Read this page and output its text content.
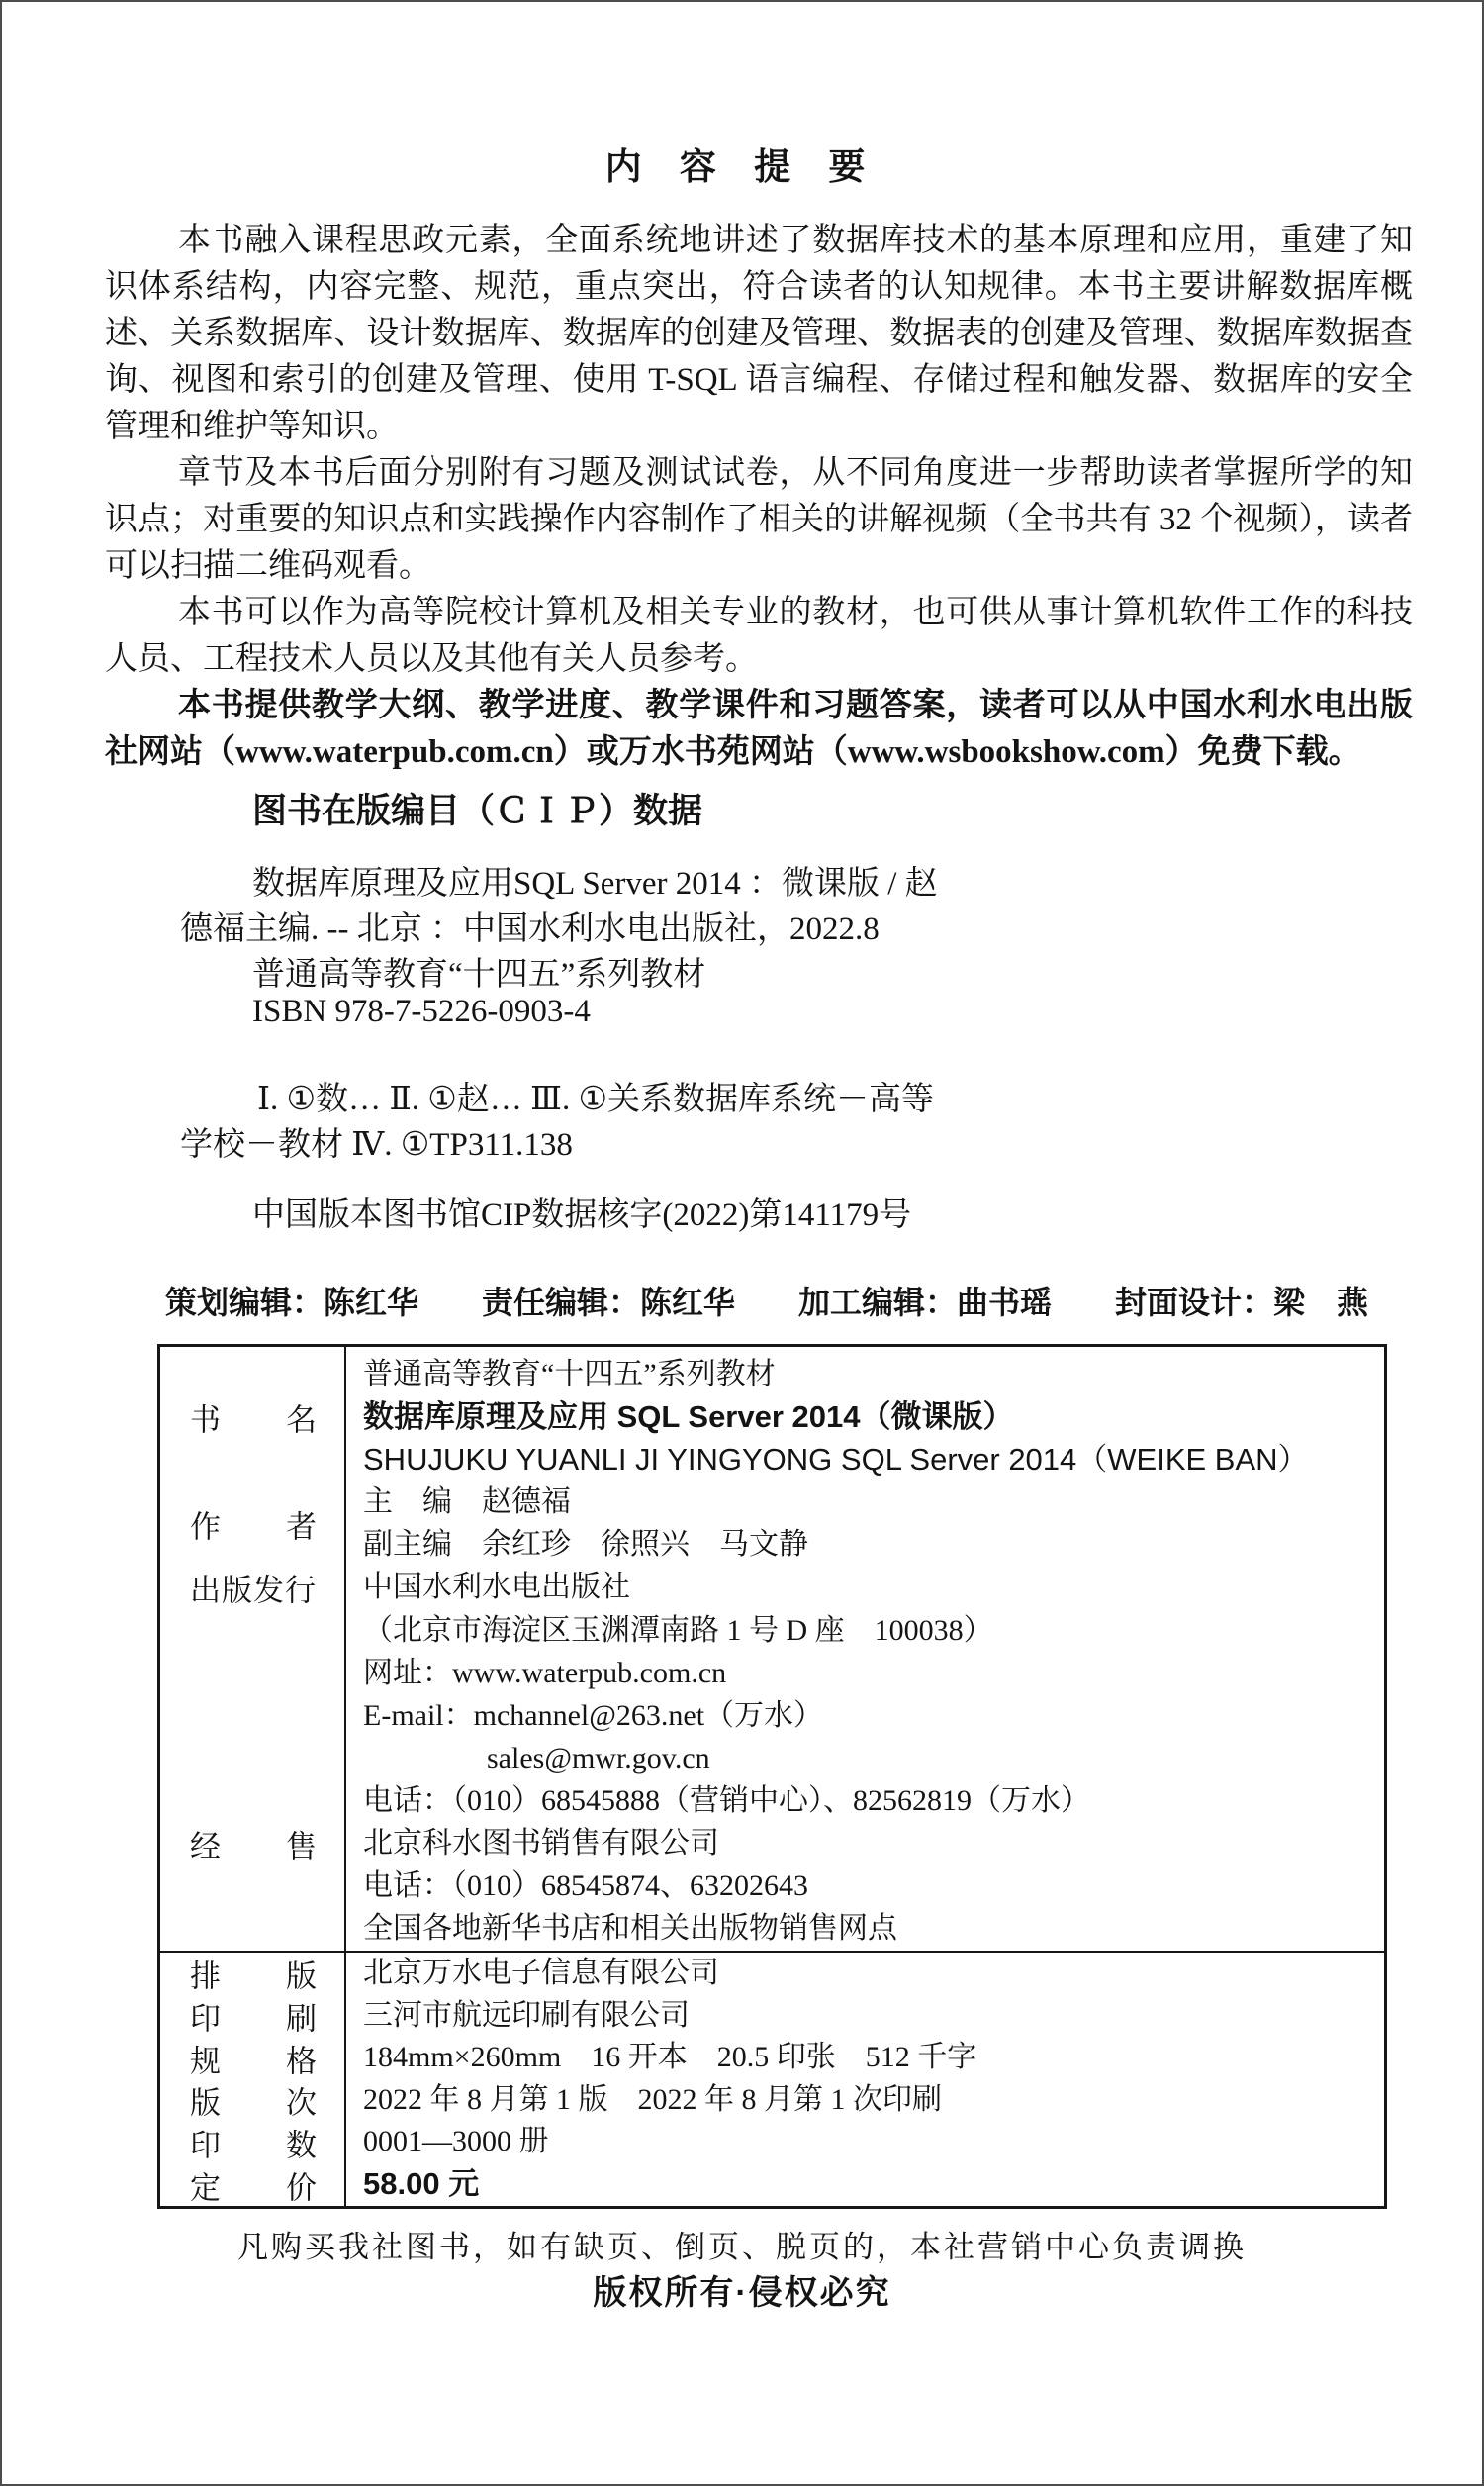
内 容 提 要

本书融入课程思政元素，全面系统地讲述了数据库技术的基本原理和应用，重建了知识体系结构，内容完整、规范，重点突出，符合读者的认知规律。本书主要讲解数据库概述、关系数据库、设计数据库、数据库的创建及管理、数据表的创建及管理、数据库数据查询、视图和索引的创建及管理、使用 T-SQL 语言编程、存储过程和触发器、数据库的安全管理和维护等知识。

章节及本书后面分别附有习题及测试试卷，从不同角度进一步帮助读者掌握所学的知识点；对重要的知识点和实践操作内容制作了相关的讲解视频（全书共有 32 个视频），读者可以扫描二维码观看。

本书可以作为高等院校计算机及相关专业的教材，也可供从事计算机软件工作的科技人员、工程技术人员以及其他有关人员参考。

本书提供教学大纲、教学进度、教学课件和习题答案，读者可以从中国水利水电出版社网站（www.waterpub.com.cn）或万水书苑网站（www.wsbookshow.com）免费下载。

图书在版编目（ＣＩＰ）数据
数据库原理及应用SQL Server 2014 ：微课版 / 赵
德福主编. -- 北京 ：中国水利水电出版社，2022.8
普通高等教育“十四五”系列教材
ISBN 978-7-5226-0903-4
Ⅰ. ①数… Ⅱ. ①赵… Ⅲ. ①关系数据库系统－高等
学校－教材 Ⅳ. ①TP311.138
中国版本图书馆CIP数据核字(2022)第141179号
策划编辑：陈红华 责任编辑：陈红华 加工编辑：曲书瑶 封面设计：梁　燕
书 名
作 者
出版发行
经 售
排 版
印 刷
规 格
版 次
印 数
定 价
普通高等教育“十四五”系列教材
数据库原理及应用 SQL Server 2014（微课版）
SHUJUKU YUANLI JI YINGYONG SQL Server 2014（WEIKE BAN）
主　编　赵德福
副主编　余红珍　徐照兴　马文静
中国水利水电出版社
（北京市海淀区玉渊潭南路 1 号 D 座　100038）
网址：www.waterpub.com.cn
E-mail：mchannel@263.net（万水）
sales@mwr.gov.cn
电话：（010）68545888（营销中心）、82562819（万水）
北京科水图书销售有限公司
电话：（010）68545874、63202643
全国各地新华书店和相关出版物销售网点
北京万水电子信息有限公司
三河市航远印刷有限公司
184mm×260mm　16 开本　20.5 印张　512 千字
2022 年 8 月第 1 版　2022 年 8 月第 1 次印刷
0001—3000 册
58.00 元
凡购买我社图书，如有缺页、倒页、脱页的，本社营销中心负责调换
版权所有·侵权必究
